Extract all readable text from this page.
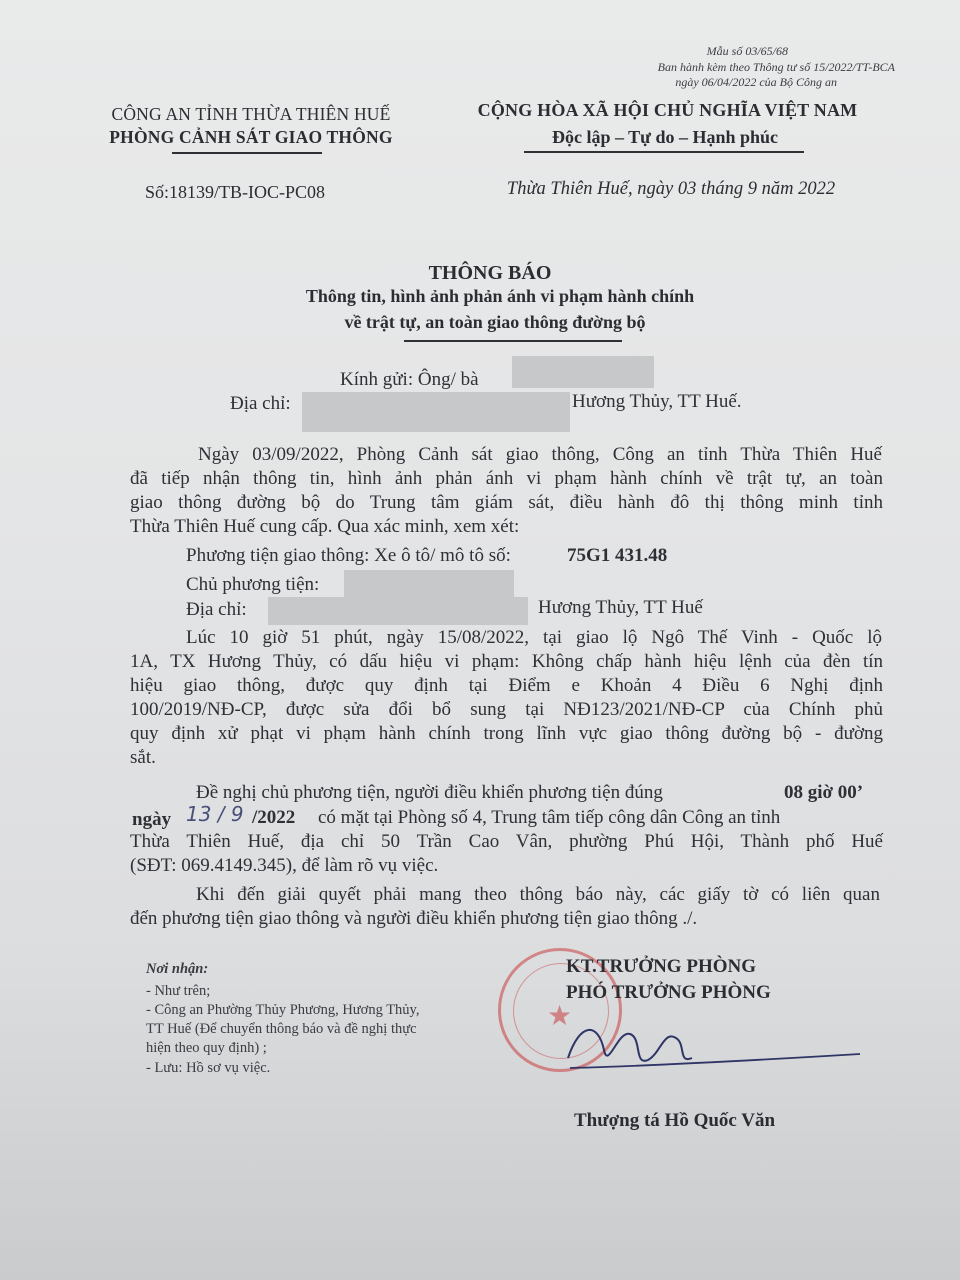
Mẫu số 03/65/68
Ban hành kèm theo Thông tư số 15/2022/TT-BCA
ngày 06/04/2022 của Bộ Công an
CÔNG AN TỈNH THỪA THIÊN HUẾ
PHÒNG CẢNH SÁT GIAO THÔNG
Số:18139/TB-IOC-PC08
CỘNG HÒA XÃ HỘI CHỦ NGHĨA VIỆT NAM
Độc lập – Tự do – Hạnh phúc
Thừa Thiên Huế, ngày 03 tháng 9 năm 2022
THÔNG BÁO
Thông tin, hình ảnh phản ánh vi phạm hành chính
về trật tự, an toàn giao thông đường bộ
Kính gửi: Ông/ bà
Địa chỉ:	Hương Thủy, TT Huế.
Ngày 03/09/2022, Phòng Cảnh sát giao thông, Công an tỉnh Thừa Thiên Huế
đã tiếp nhận thông tin, hình ảnh phản ánh vi phạm hành chính về trật tự, an toàn
giao thông đường bộ do Trung tâm giám sát, điều hành đô thị thông minh tỉnh
Thừa Thiên Huế cung cấp. Qua xác minh, xem xét:
Phương tiện giao thông: Xe ô tô/ mô tô số:	75G1 431.48
Chủ phương tiện:
Địa chỉ:	Hương Thủy, TT Huế
Lúc 10 giờ 51 phút, ngày 15/08/2022, tại giao lộ Ngô Thế Vinh - Quốc lộ
1A, TX Hương Thủy, có dấu hiệu vi phạm: Không chấp hành hiệu lệnh của đèn tín
hiệu giao thông, được quy định tại Điểm e Khoản 4 Điều 6 Nghị định
100/2019/NĐ-CP, được sửa đổi bổ sung tại NĐ123/2021/NĐ-CP của Chính phủ
quy định xử phạt vi phạm hành chính trong lĩnh vực giao thông đường bộ - đường
sắt.
Đề nghị chủ phương tiện, người điều khiển phương tiện đúng	08 giờ 00’
ngày 13 / 9 /2022 có mặt tại Phòng số 4, Trung tâm tiếp công dân Công an tỉnh
Thừa Thiên Huế, địa chỉ 50 Trần Cao Vân, phường Phú Hội, Thành phố Huế
(SĐT: 069.4149.345), để làm rõ vụ việc.
Khi đến giải quyết phải mang theo thông báo này, các giấy tờ có liên quan
đến phương tiện giao thông và người điều khiển phương tiện giao thông ./.
Nơi nhận:
- Như trên;
- Công an Phường Thủy Phương, Hương Thủy,
TT Huế (Để chuyển thông báo và đề nghị thực
hiện theo quy định) ;
- Lưu: Hồ sơ vụ việc.
★
KT.TRƯỞNG PHÒNG
PHÓ TRƯỞNG PHÒNG
Thượng tá Hồ Quốc Văn
